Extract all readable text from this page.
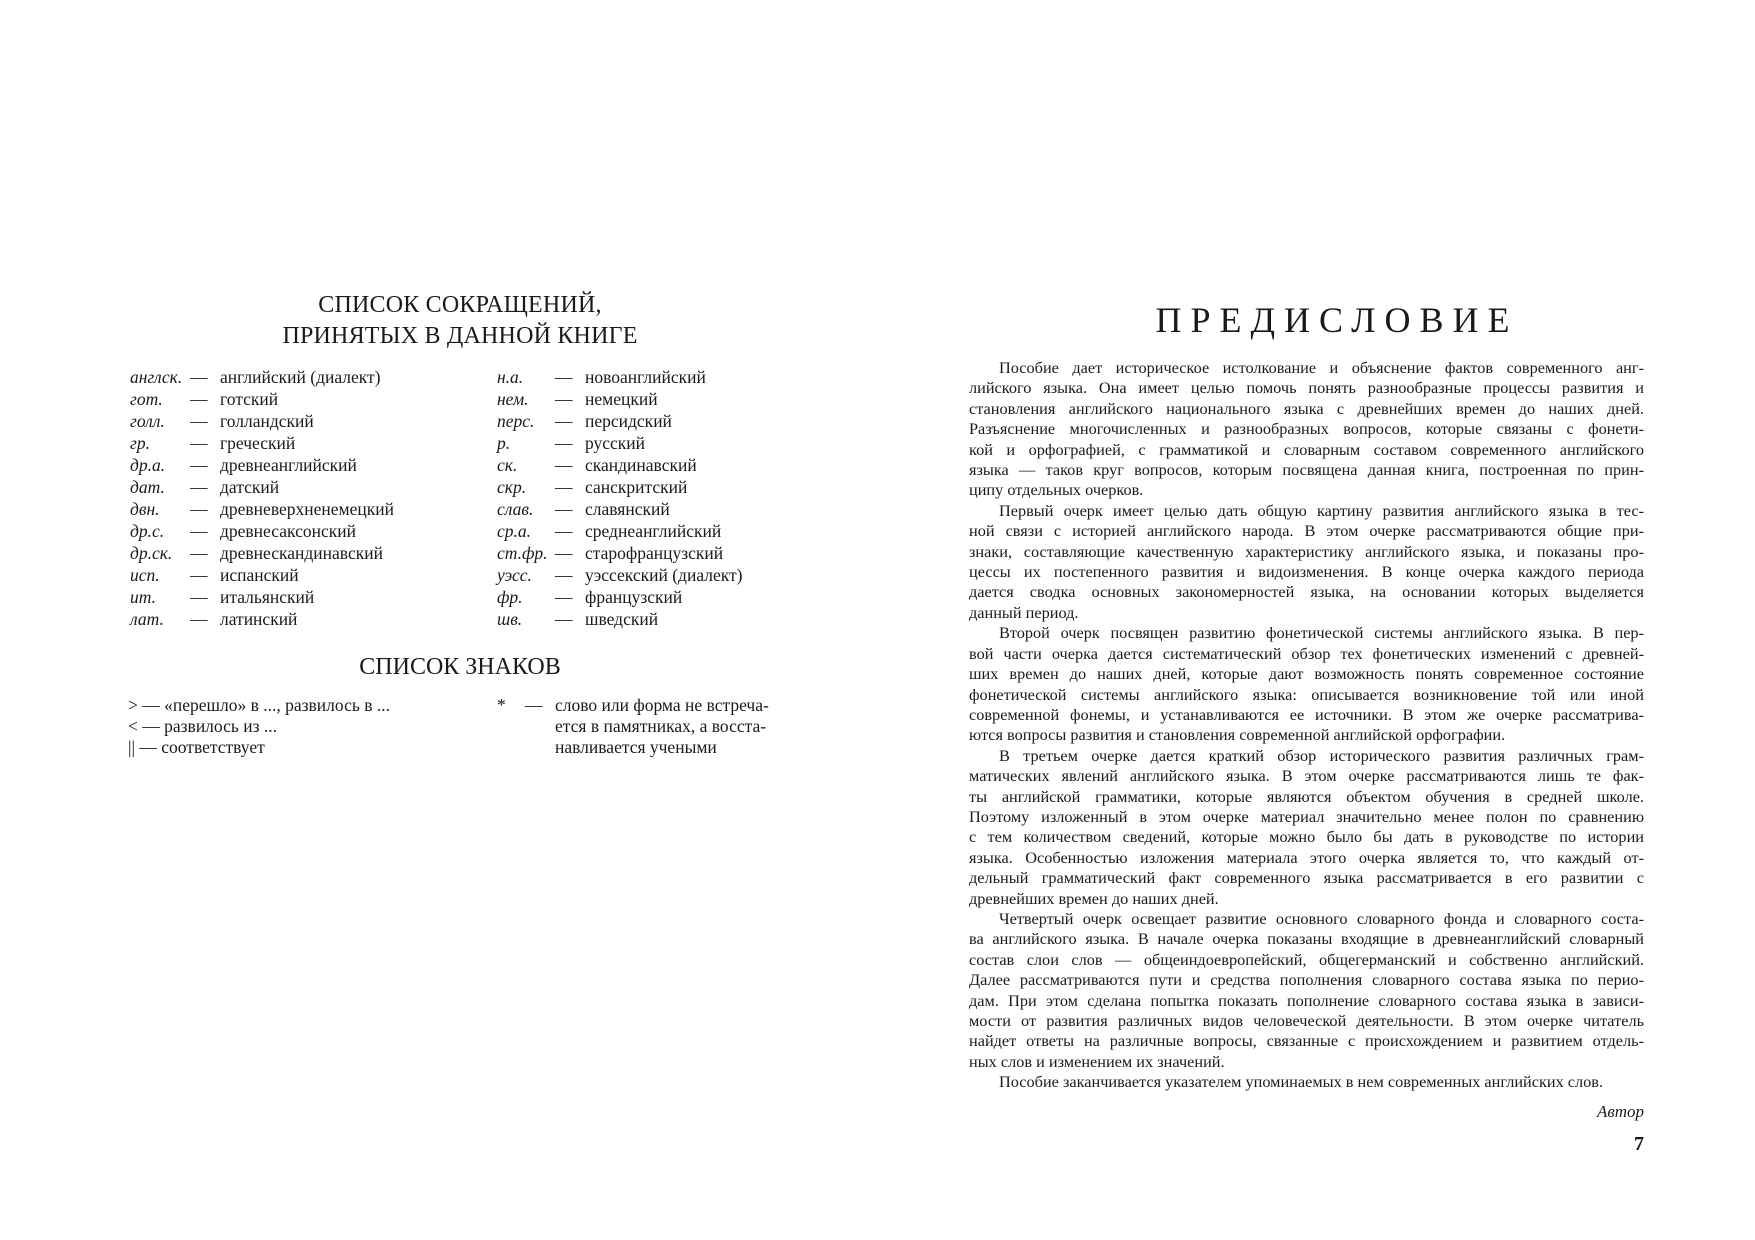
СПИСОК СОКРАЩЕНИЙ,
ПРИНЯТЫХ В ДАННОЙ КНИГЕ
англск. — английский (диалект)
гот. — готский
голл. — голландский
гр. — греческий
др.а. — древнеанглийский
дат. — датский
двн. — древневерхненемецкий
др.с. — древнесаксонский
др.ск. — древнескандинавский
исп. — испанский
ит. — итальянский
лат. — латинский
н.а. — новоанглийский
нем. — немецкий
перс. — персидский
р.	— русский
ск. — скандинавский
скр. — санскритский
слав. — славянский
ср.а. — среднеанглийский
ст.фр. — старофранцузский
уэсс. — уэссекский (диалект)
фр. — французский
шв. — шведский
СПИСОК ЗНАКОВ
> — «перешло» в ..., развилось в ...
< — развилось из ...
|| — соответствует
* — слово или форма не встреча-
ется в памятниках, а восста-
навливается учеными
ПРЕДИСЛОВИЕ
Пособие дает историческое истолкование и объяснение фактов современного анг-
лийского языка. Она имеет целью помочь понять разнообразные процессы развития и
становления английского национального языка с древнейших времен до наших дней.
Разъяснение многочисленных и разнообразных вопросов, которые связаны с фонети-
кой и орфографией, с грамматикой и словарным составом современного английского
языка — таков круг вопросов, которым посвящена данная книга, построенная по прин-
ципу отдельных очерков.
Первый очерк имеет целью дать общую картину развития английского языка в тес-
ной связи с историей английского народа. В этом очерке рассматриваются общие при-
знаки, составляющие качественную характеристику английского языка, и показаны про-
цессы их постепенного развития и видоизменения. В конце очерка каждого периода
дается сводка основных закономерностей языка, на основании которых выделяется
данный период.
Второй очерк посвящен развитию фонетической системы английского языка. В пер-
вой части очерка дается систематический обзор тех фонетических изменений с древней-
ших времен до наших дней, которые дают возможность понять современное состояние
фонетической системы английского языка: описывается возникновение той или иной
современной фонемы, и устанавливаются ее источники. В этом же очерке рассматрива-
ются вопросы развития и становления современной английской орфографии.
В третьем очерке дается краткий обзор исторического развития различных грам-
матических явлений английского языка. В этом очерке рассматриваются лишь те фак-
ты английской грамматики, которые являются объектом обучения в средней школе.
Поэтому изложенный в этом очерке материал значительно менее полон по сравнению
с тем количеством сведений, которые можно было бы дать в руководстве по истории
языка. Особенностью изложения материала этого очерка является то, что каждый от-
дельный грамматический факт современного языка рассматривается в его развитии с
древнейших времен до наших дней.
Четвертый очерк освещает развитие основного словарного фонда и словарного соста-
ва английского языка. В начале очерка показаны входящие в древнеанглийский словарный
состав слои слов — общеиндоевропейский, общегерманский и собственно английский.
Далее рассматриваются пути и средства пополнения словарного состава языка по перио-
дам. При этом сделана попытка показать пополнение словарного состава языка в зависи-
мости от развития различных видов человеческой деятельности. В этом очерке читатель
найдет ответы на различные вопросы, связанные с происхождением и развитием отдель-
ных слов и изменением их значений.
Пособие заканчивается указателем упоминаемых в нем современных английских слов.
Автор
7
